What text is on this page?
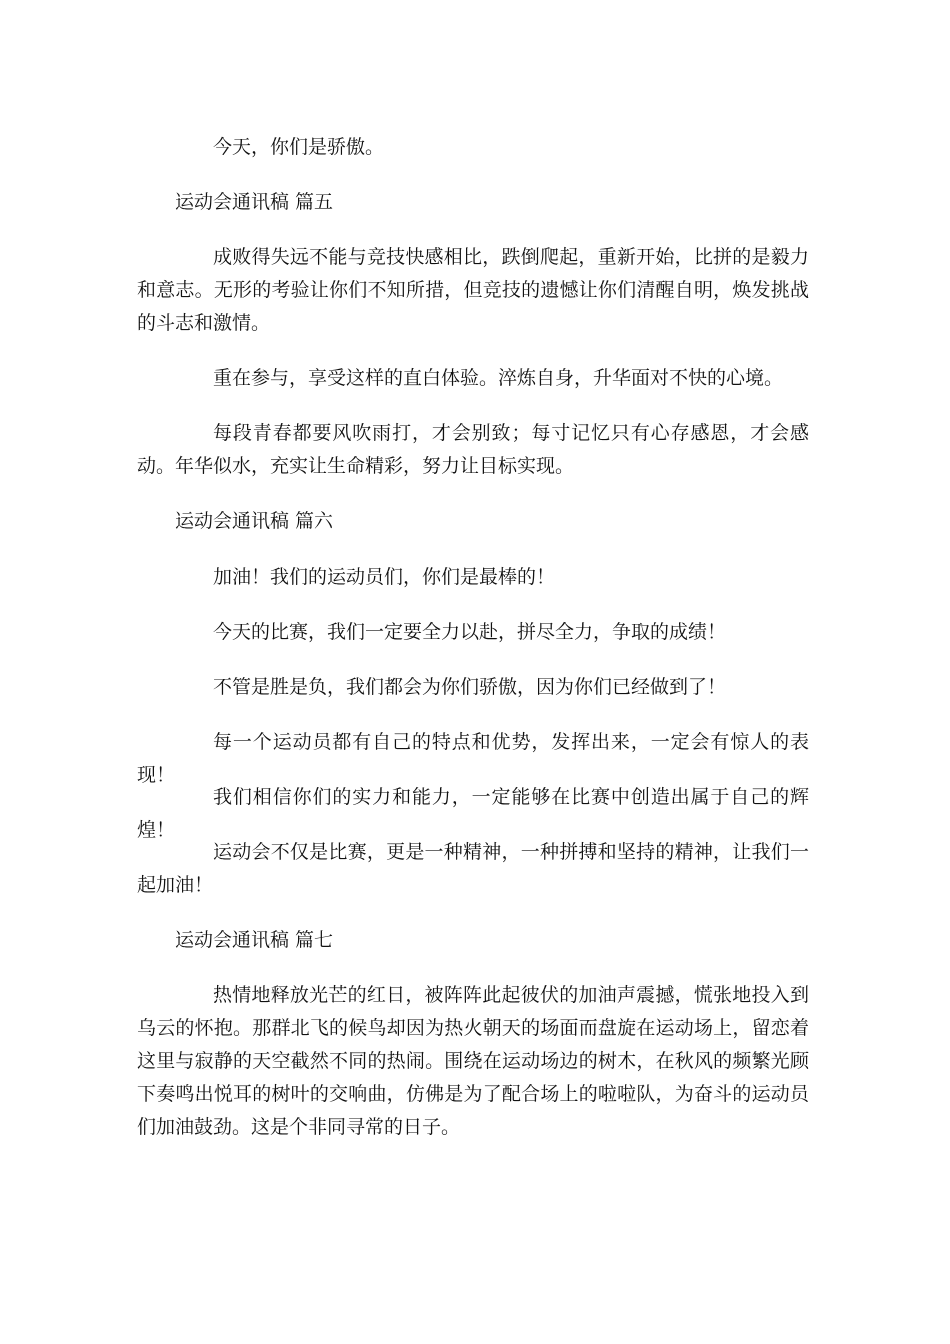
今天，你们是骄傲。

运动会通讯稿 篇五

成败得失远不能与竞技快感相比，跌倒爬起，重新开始，比拼的是毅力和意志。无形的考验让你们不知所措，但竞技的遗憾让你们清醒自明，焕发挑战的斗志和激情。

重在参与，享受这样的直白体验。淬炼自身，升华面对不快的心境。

每段青春都要风吹雨打，才会别致；每寸记忆只有心存感恩，才会感动。年华似水，充实让生命精彩，努力让目标实现。

运动会通讯稿 篇六

加油！我们的运动员们，你们是最棒的！

今天的比赛，我们一定要全力以赴，拼尽全力，争取的成绩！

不管是胜是负，我们都会为你们骄傲，因为你们已经做到了！

每一个运动员都有自己的特点和优势，发挥出来，一定会有惊人的表现！

我们相信你们的实力和能力，一定能够在比赛中创造出属于自己的辉煌！

运动会不仅是比赛，更是一种精神，一种拼搏和坚持的精神，让我们一起加油！

运动会通讯稿 篇七

热情地释放光芒的红日，被阵阵此起彼伏的加油声震撼，慌张地投入到乌云的怀抱。那群北飞的候鸟却因为热火朝天的场面而盘旋在运动场上，留恋着这里与寂静的天空截然不同的热闹。围绕在运动场边的树木，在秋风的频繁光顾下奏鸣出悦耳的树叶的交响曲，仿佛是为了配合场上的啦啦队，为奋斗的运动员们加油鼓劲。这是个非同寻常的日子。
